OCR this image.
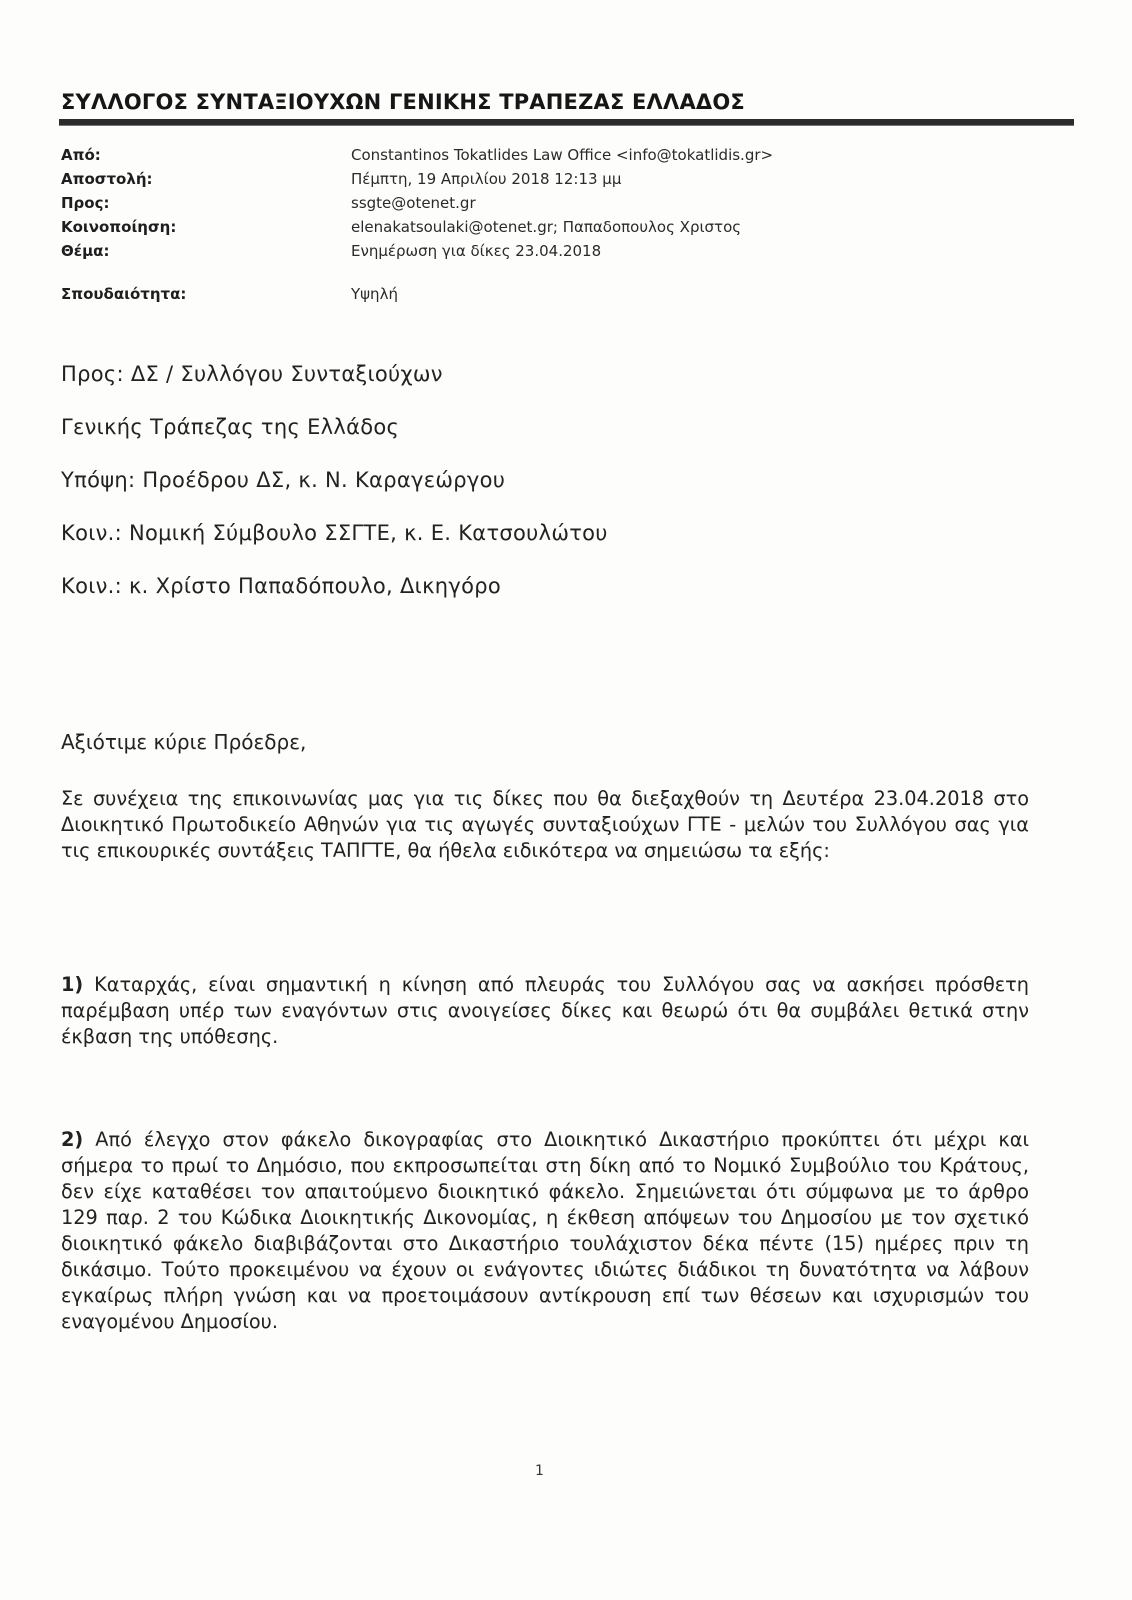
ΣΥΛΛΟΓΟΣ ΣΥΝΤΑΞΙΟΥΧΩΝ ΓΕΝΙΚΗΣ ΤΡΑΠΕΖΑΣ ΕΛΛΑΔΟΣ
Από:	Constantinos Tokatlides Law Office <info@tokatlidis.gr>
Αποστολή:	Πέμπτη, 19 Απριλίου 2018 12:13 μμ
Προς:	ssgte@otenet.gr
Κοινοποίηση:	elenakatsoulaki@otenet.gr; Παπαδοπουλος Χριστος
Θέμα:	Ενημέρωση για δίκες 23.04.2018
Σπουδαιότητα:	Υψηλή

Προς: ΔΣ / Συλλόγου Συνταξιούχων

Γενικής Τράπεζας της Ελλάδος

Υπόψη: Προέδρου ΔΣ, κ. Ν. Καραγεώργου

Κοιν.: Νομική Σύμβουλο ΣΣΓΤΕ, κ. Ε. Κατσουλώτου

Κοιν.: κ. Χρίστο Παπαδόπουλο, Δικηγόρο

Αξιότιμε κύριε Πρόεδρε,

Σε συνέχεια της επικοινωνίας μας για τις δίκες που θα διεξαχθούν τη Δευτέρα 23.04.2018 στο Διοικητικό Πρωτοδικείο Αθηνών για τις αγωγές συνταξιούχων ΓΤΕ - μελών του Συλλόγου σας για τις επικουρικές συντάξεις ΤΑΠΓΤΕ, θα ήθελα ειδικότερα να σημειώσω τα εξής:

1) Καταρχάς, είναι σημαντική η κίνηση από πλευράς του Συλλόγου σας να ασκήσει πρόσθετη παρέμβαση υπέρ των εναγόντων στις ανοιγείσες δίκες και θεωρώ ότι θα συμβάλει θετικά στην έκβαση της υπόθεσης.

2) Από έλεγχο στον φάκελο δικογραφίας στο Διοικητικό Δικαστήριο προκύπτει ότι μέχρι και σήμερα το πρωί το Δημόσιο, που εκπροσωπείται στη δίκη από το Νομικό Συμβούλιο του Κράτους, δεν είχε καταθέσει τον απαιτούμενο διοικητικό φάκελο. Σημειώνεται ότι σύμφωνα με το άρθρο 129 παρ. 2 του Κώδικα Διοικητικής Δικονομίας, η έκθεση απόψεων του Δημοσίου με τον σχετικό διοικητικό φάκελο διαβιβάζονται στο Δικαστήριο τουλάχιστον δέκα πέντε (15) ημέρες πριν τη δικάσιμο. Τούτο προκειμένου να έχουν οι ενάγοντες ιδιώτες διάδικοι τη δυνατότητα να λάβουν εγκαίρως πλήρη γνώση και να προετοιμάσουν αντίκρουση επί των θέσεων και ισχυρισμών του εναγομένου Δημοσίου.

1
